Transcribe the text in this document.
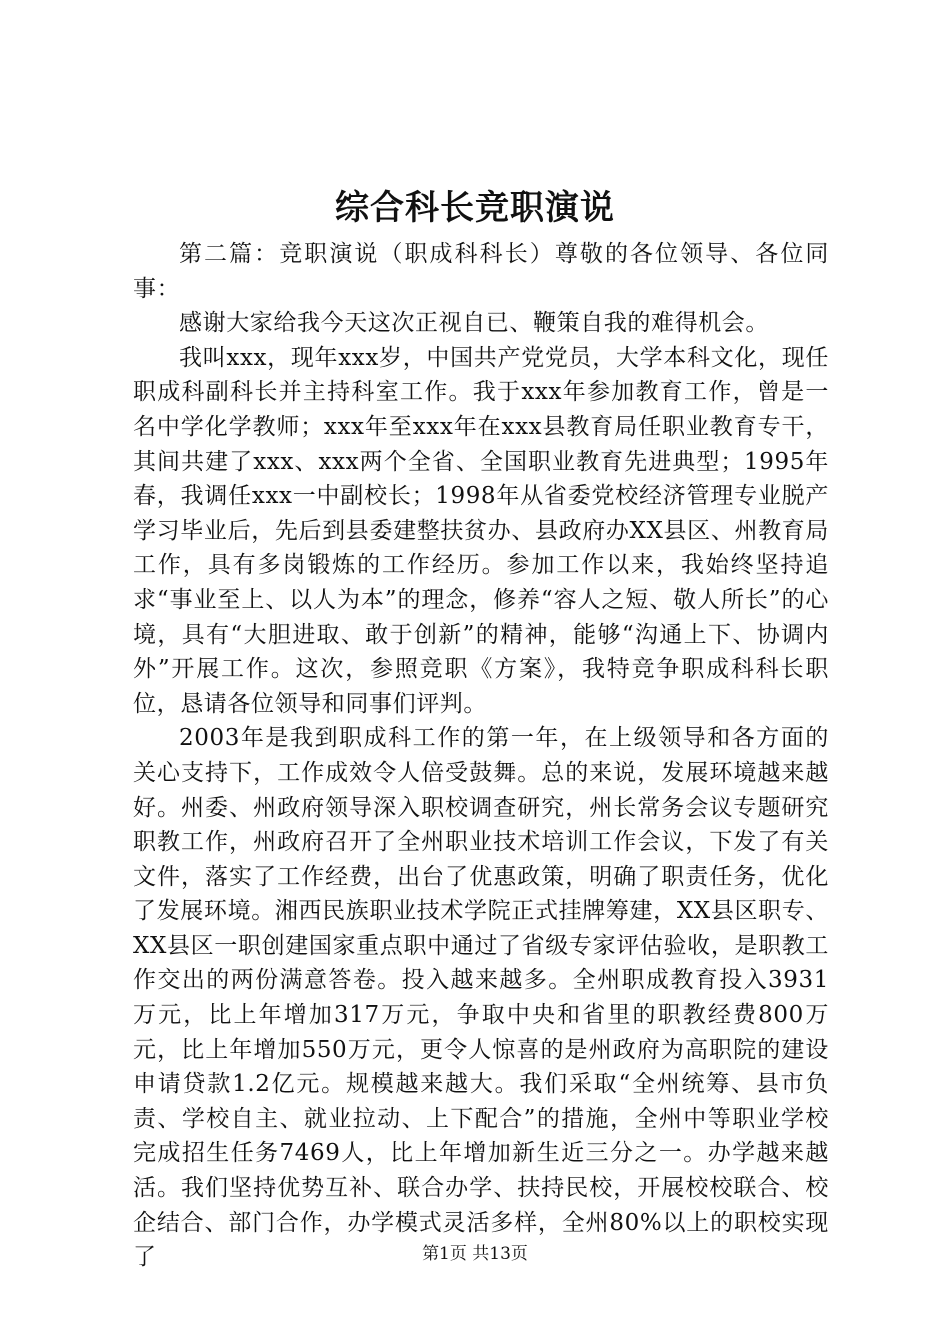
综合科长竞职演说

第二篇：竞职演说（职成科科长）尊敬的各位领导、各位同事：

感谢大家给我今天这次正视自已、鞭策自我的难得机会。

我叫xxx，现年xxx岁，中国共产党党员，大学本科文化，现任职成科副科长并主持科室工作。我于xxx年参加教育工作，曾是一名中学化学教师；xxx年至xxx年在xxx县教育局任职业教育专干，其间共建了xxx、xxx两个全省、全国职业教育先进典型；1995年春，我调任xxx一中副校长；1998年从省委党校经济管理专业脱产学习毕业后，先后到县委建整扶贫办、县政府办XX县区、州教育局工作，具有多岗锻炼的工作经历。参加工作以来，我始终坚持追求“事业至上、以人为本”的理念，修养“容人之短、敬人所长”的心境，具有“大胆进取、敢于创新”的精神，能够“沟通上下、协调内外”开展工作。这次，参照竞职《方案》，我特竞争职成科科长职位，恳请各位领导和同事们评判。

2003年是我到职成科工作的第一年，在上级领导和各方面的关心支持下，工作成效令人倍受鼓舞。总的来说，发展环境越来越好。州委、州政府领导深入职校调查研究，州长常务会议专题研究职教工作，州政府召开了全州职业技术培训工作会议，下发了有关文件，落实了工作经费，出台了优惠政策，明确了职责任务，优化了发展环境。湘西民族职业技术学院正式挂牌筹建，XX县区职专、XX县区一职创建国家重点职中通过了省级专家评估验收，是职教工作交出的两份满意答卷。投入越来越多。全州职成教育投入3931万元，比上年增加317万元，争取中央和省里的职教经费800万元，比上年增加550万元，更令人惊喜的是州政府为高职院的建设申请贷款1.2亿元。规模越来越大。我们采取“全州统筹、县市负责、学校自主、就业拉动、上下配合”的措施，全州中等职业学校完成招生任务7469人，比上年增加新生近三分之一。办学越来越活。我们坚持优势互补、联合办学、扶持民校，开展校校联合、校企结合、部门合作，办学模式灵活多样，全州80%以上的职校实现了	第1页 共13页
